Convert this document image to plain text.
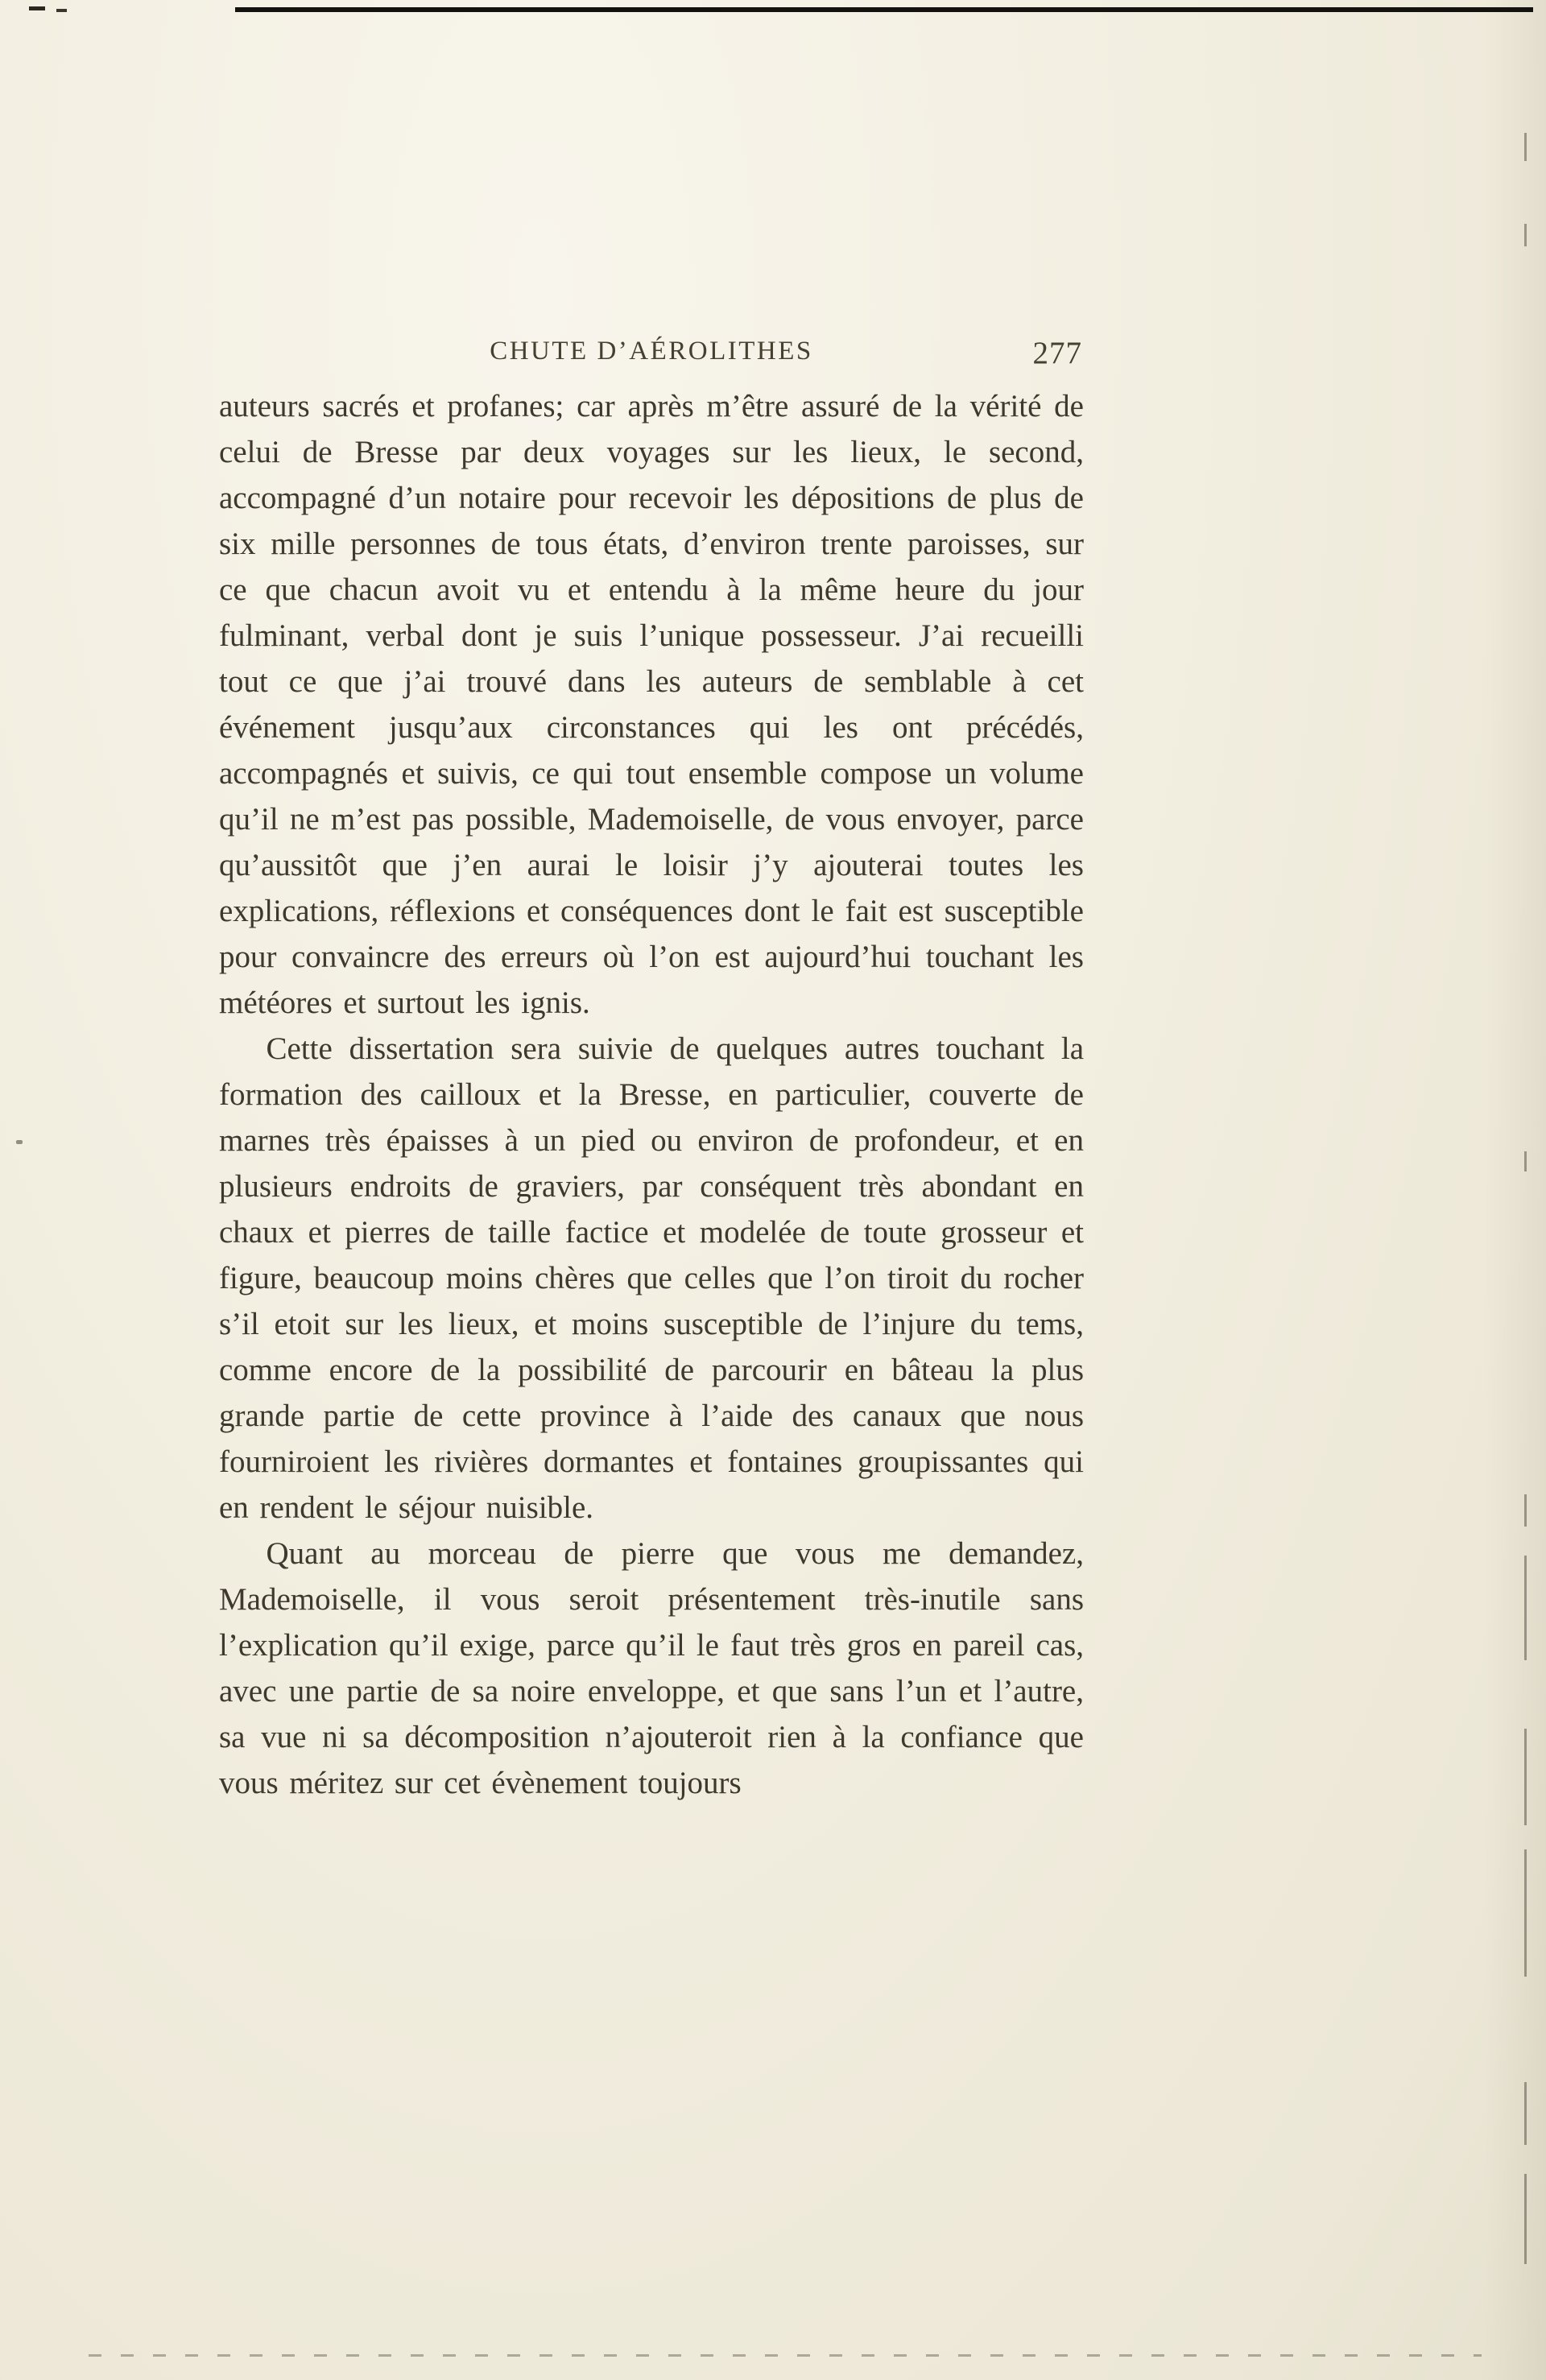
CHUTE D’AÉROLITHES	277

auteurs sacrés et profanes; car après m’être assuré de la vérité de celui de Bresse par deux voyages sur les lieux, le second, accompagné d’un notaire pour recevoir les dépositions de plus de six mille personnes de tous états, d’environ trente paroisses, sur ce que chacun avoit vu et entendu à la même heure du jour fulminant, verbal dont je suis l’unique possesseur. J’ai recueilli tout ce que j’ai trouvé dans les auteurs de semblable à cet événement jusqu’aux circonstances qui les ont précédés, accompagnés et suivis, ce qui tout ensemble compose un volume qu’il ne m’est pas possible, Mademoiselle, de vous envoyer, parce qu’aussitôt que j’en aurai le loisir j’y ajouterai toutes les explications, réflexions et conséquences dont le fait est susceptible pour convaincre des erreurs où l’on est aujourd’hui touchant les météores et surtout les ignis.

Cette dissertation sera suivie de quelques autres touchant la formation des cailloux et la Bresse, en particulier, couverte de marnes très épaisses à un pied ou environ de profondeur, et en plusieurs endroits de graviers, par conséquent très abondant en chaux et pierres de taille factice et modelée de toute grosseur et figure, beaucoup moins chères que celles que l’on tiroit du rocher s’il etoit sur les lieux, et moins susceptible de l’injure du tems, comme encore de la possibilité de parcourir en bâteau la plus grande partie de cette province à l’aide des canaux que nous fourniroient les rivières dormantes et fontaines groupissantes qui en rendent le séjour nuisible.

Quant au morceau de pierre que vous me demandez, Mademoiselle, il vous seroit présentement très-inutile sans l’explication qu’il exige, parce qu’il le faut très gros en pareil cas, avec une partie de sa noire enveloppe, et que sans l’un et l’autre, sa vue ni sa décomposition n’ajouteroit rien à la confiance que vous méritez sur cet évènement toujours
